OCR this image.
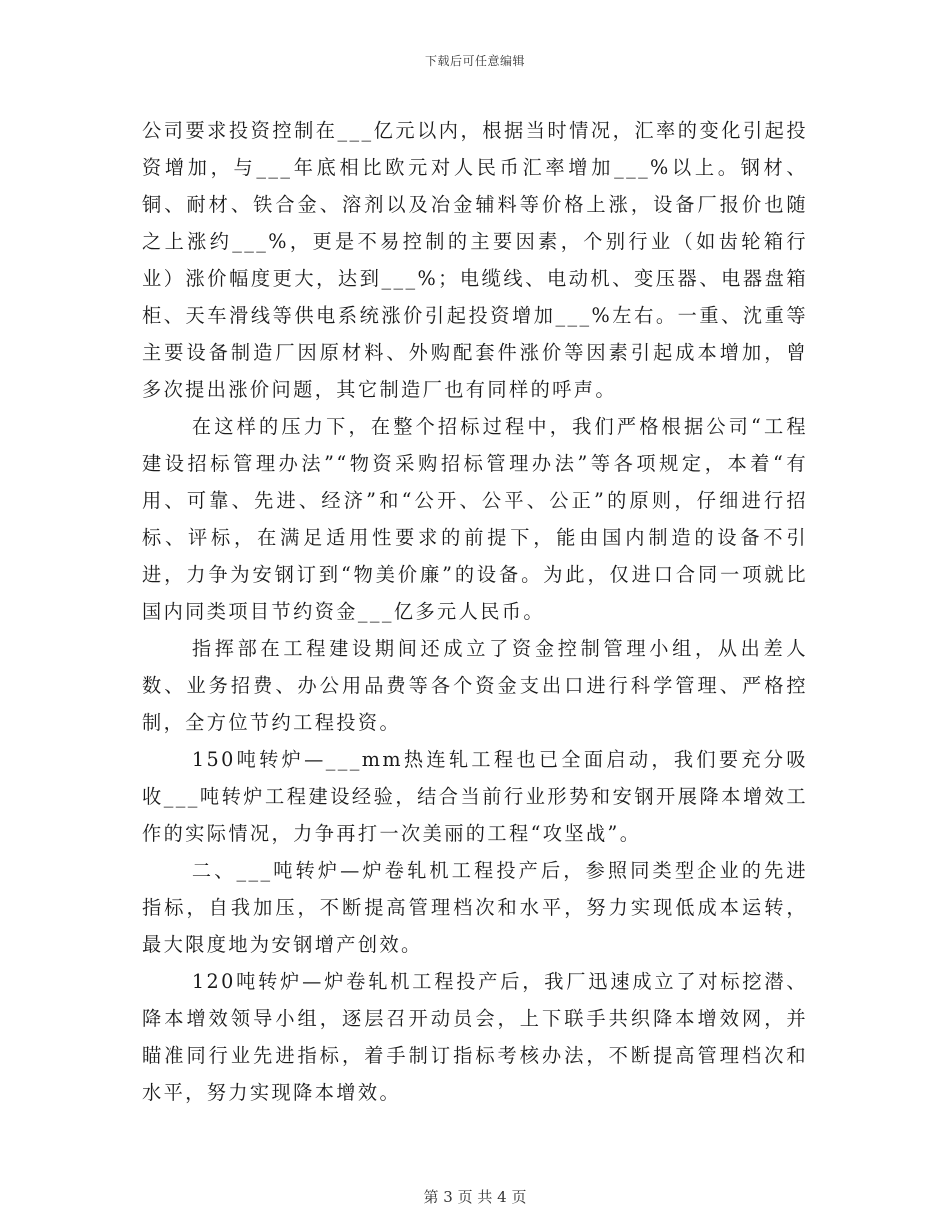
下载后可任意编辑

公司要求投资控制在___亿元以内，根据当时情况，汇率的变化引起投资增加，与___年底相比欧元对人民币汇率增加___%以上。钢材、铜、耐材、铁合金、溶剂以及冶金辅料等价格上涨，设备厂报价也随之上涨约___%，更是不易控制的主要因素，个别行业（如齿轮箱行业）涨价幅度更大，达到___%；电缆线、电动机、变压器、电器盘箱柜、天车滑线等供电系统涨价引起投资增加___%左右。一重、沈重等主要设备制造厂因原材料、外购配套件涨价等因素引起成本增加，曾多次提出涨价问题，其它制造厂也有同样的呼声。

在这样的压力下，在整个招标过程中，我们严格根据公司“工程建设招标管理办法”“物资采购招标管理办法”等各项规定，本着“有用、可靠、先进、经济”和“公开、公平、公正”的原则，仔细进行招标、评标，在满足适用性要求的前提下，能由国内制造的设备不引进，力争为安钢订到“物美价廉”的设备。为此，仅进口合同一项就比国内同类项目节约资金___亿多元人民币。

指挥部在工程建设期间还成立了资金控制管理小组，从出差人数、业务招费、办公用品费等各个资金支出口进行科学管理、严格控制，全方位节约工程投资。

150吨转炉—___mm热连轧工程也已全面启动，我们要充分吸收___吨转炉工程建设经验，结合当前行业形势和安钢开展降本增效工作的实际情况，力争再打一次美丽的工程“攻坚战”。

二、___吨转炉—炉卷轧机工程投产后，参照同类型企业的先进指标，自我加压，不断提高管理档次和水平，努力实现低成本运转，最大限度地为安钢增产创效。

120吨转炉—炉卷轧机工程投产后，我厂迅速成立了对标挖潜、降本增效领导小组，逐层召开动员会，上下联手共织降本增效网，并瞄准同行业先进指标，着手制订指标考核办法，不断提高管理档次和水平，努力实现降本增效。

第 3 页 共 4 页
